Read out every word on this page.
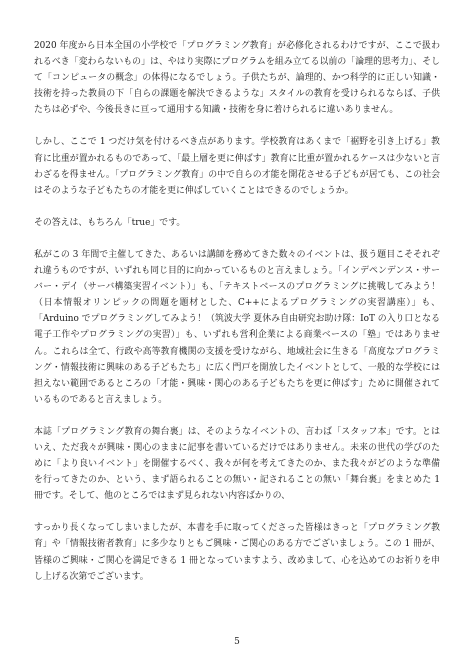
2020 年度から日本全国の小学校で「プログラミング教育」が必修化されるわけですが、ここで扱われるべき「変わらないもの」は、やはり実際にプログラムを組み立てる以前の「論理的思考力」、そして「コンピュータの概念」の体得になるでしょう。子供たちが、論理的、かつ科学的に正しい知識・技術を持った教員の下「自らの課題を解決できるような」スタイルの教育を受けられるならば、子供たちは必ずや、今後長きに亘って通用する知識・技術を身に着けられるに違いありません。

しかし、ここで 1 つだけ気を付けるべき点があります。学校教育はあくまで「裾野を引き上げる」教育に比重が置かれるものであって、「最上層を更に伸ばす」教育に比重が置かれるケースは少ないと言わざるを得ません。「プログラミング教育」の中で自らの才能を開花させる子どもが居ても、この社会はそのような子どもたちの才能を更に伸ばしていくことはできるのでしょうか。

その答えは、もちろん「true」です。

私がこの 3 年間で主催してきた、あるいは講師を務めてきた数々のイベントは、扱う題目こそそれぞれ違うものですが、いずれも同じ目的に向かっているものと言えましょう。「インデペンデンス・サーバー・デイ（サーバ構築実習イベント）」も、「テキストベースのプログラミングに挑戦してみよう！（日本情報オリンピックの問題を題材とした、C++によるプログラミングの実習講座）」も、「Arduino でプログラミングしてみよう！（筑波大学 夏休み自由研究お助け隊：IoT の入り口となる電子工作やプログラミングの実習）」も、いずれも営利企業による商業ベースの「塾」ではありません。これらは全て、行政や高等教育機関の支援を受けながら、地域社会に生きる「高度なプログラミング・情報技術に興味のある子どもたち」に広く門戸を開放したイベントとして、一般的な学校には担えない範囲であるところの「才能・興味・関心のある子どもたちを更に伸ばす」ために開催されているものであると言えましょう。

本誌「プログラミング教育の舞台裏」は、そのようなイベントの、言わば「スタッフ本」です。とはいえ、ただ我々が興味・関心のままに記事を書いているだけではありません。未来の世代の学びのために「より良いイベント」を開催するべく、我々が何を考えてきたのか、また我々がどのような準備を行ってきたのか、という、まず語られることの無い・記されることの無い「舞台裏」をまとめた 1 冊です。そして、他のところではまず見られない内容ばかりの、

すっかり長くなってしまいましたが、本書を手に取ってくださった皆様はきっと「プログラミング教育」や「情報技術者教育」に多少なりともご興味・ご関心のある方でございましょう。この 1 冊が、皆様のご興味・ご関心を満足できる 1 冊となっていますよう、改めまして、心を込めてのお祈りを申し上げる次第でございます。

5
